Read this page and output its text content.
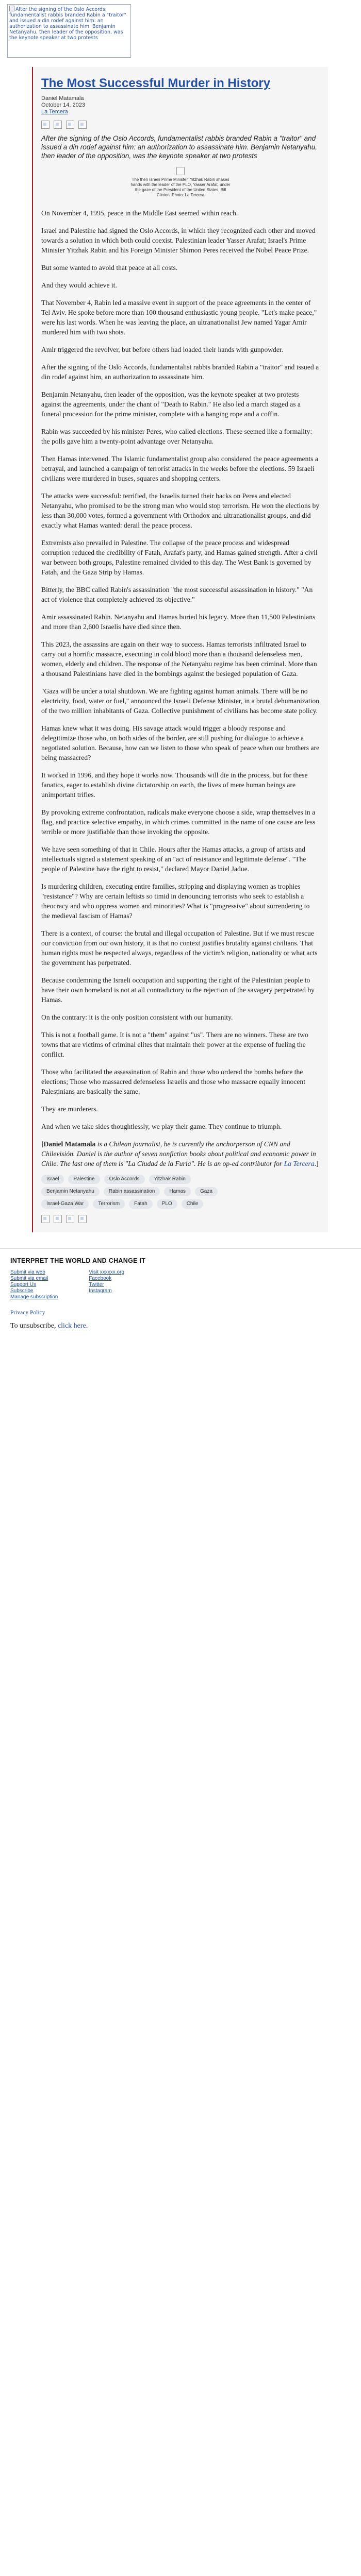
After the signing of the Oslo Accords, fundamentalist rabbis branded Rabin a "traitor" and issued a din rodef against him: an authorization to assassinate him. Benjamin Netanyahu, then leader of the opposition, was the keynote speaker at two protests
The Most Successful Murder in History
Daniel Matamala
October 14, 2023
La Tercera

After the signing of the Oslo Accords, fundamentalist rabbis branded Rabin a "traitor" and issued a din rodef against him: an authorization to assassinate him. Benjamin Netanyahu, then leader of the opposition, was the keynote speaker at two protests

The then Israeli Prime Minister, Yitzhak Rabin shakes hands with the leader of the PLO, Yasser Arafat, under the gaze of the President of the United States, Bill Clinton. Photo: La Tercera

On November 4, 1995, peace in the Middle East seemed within reach.

Israel and Palestine had signed the Oslo Accords, in which they recognized each other and moved towards a solution in which both could coexist. Palestinian leader Yasser Arafat; Israel's Prime Minister Yitzhak Rabin and his Foreign Minister Shimon Peres received the Nobel Peace Prize.

But some wanted to avoid that peace at all costs.

And they would achieve it.

That November 4, Rabin led a massive event in support of the peace agreements in the center of Tel Aviv. He spoke before more than 100 thousand enthusiastic young people. "Let's make peace," were his last words. When he was leaving the place, an ultranationalist Jew named Yagar Amir murdered him with two shots.

Amir triggered the revolver, but before others had loaded their hands with gunpowder.

After the signing of the Oslo Accords, fundamentalist rabbis branded Rabin a "traitor" and issued a din rodef against him, an authorization to assassinate him.

Benjamin Netanyahu, then leader of the opposition, was the keynote speaker at two protests against the agreements, under the chant of "Death to Rabin." He also led a march staged as a funeral procession for the prime minister, complete with a hanging rope and a coffin.

Rabin was succeeded by his minister Peres, who called elections. These seemed like a formality: the polls gave him a twenty-point advantage over Netanyahu.

Then Hamas intervened. The Islamic fundamentalist group also considered the peace agreements a betrayal, and launched a campaign of terrorist attacks in the weeks before the elections. 59 Israeli civilians were murdered in buses, squares and shopping centers.

The attacks were successful: terrified, the Israelis turned their backs on Peres and elected Netanyahu, who promised to be the strong man who would stop terrorism. He won the elections by less than 30,000 votes, formed a government with Orthodox and ultranationalist groups, and did exactly what Hamas wanted: derail the peace process.

Extremists also prevailed in Palestine. The collapse of the peace process and widespread corruption reduced the credibility of Fatah, Arafat's party, and Hamas gained strength. After a civil war between both groups, Palestine remained divided to this day. The West Bank is governed by Fatah, and the Gaza Strip by Hamas.

Bitterly, the BBC called Rabin's assassination "the most successful assassination in history." "An act of violence that completely achieved its objective."

Amir assassinated Rabin. Netanyahu and Hamas buried his legacy. More than 11,500 Palestinians and more than 2,600 Israelis have died since then.

This 2023, the assassins are again on their way to success. Hamas terrorists infiltrated Israel to carry out a horrific massacre, executing in cold blood more than a thousand defenseless men, women, elderly and children. The response of the Netanyahu regime has been criminal. More than a thousand Palestinians have died in the bombings against the besieged population of Gaza.

"Gaza will be under a total shutdown. We are fighting against human animals. There will be no electricity, food, water or fuel," announced the Israeli Defense Minister, in a brutal dehumanization of the two million inhabitants of Gaza. Collective punishment of civilians has become state policy.

Hamas knew what it was doing. His savage attack would trigger a bloody response and delegitimize those who, on both sides of the border, are still pushing for dialogue to achieve a negotiated solution. Because, how can we listen to those who speak of peace when our brothers are being massacred?

It worked in 1996, and they hope it works now. Thousands will die in the process, but for these fanatics, eager to establish divine dictatorship on earth, the lives of mere human beings are unimportant trifles.

By provoking extreme confrontation, radicals make everyone choose a side, wrap themselves in a flag, and practice selective empathy, in which crimes committed in the name of one cause are less terrible or more justifiable than those invoking the opposite.

We have seen something of that in Chile. Hours after the Hamas attacks, a group of artists and intellectuals signed a statement speaking of an "act of resistance and legitimate defense". "The people of Palestine have the right to resist," declared Mayor Daniel Jadue.

Is murdering children, executing entire families, stripping and displaying women as trophies "resistance"? Why are certain leftists so timid in denouncing terrorists who seek to establish a theocracy and who oppress women and minorities? What is "progressive" about surrendering to the medieval fascism of Hamas?

There is a context, of course: the brutal and illegal occupation of Palestine. But if we must rescue our conviction from our own history, it is that no context justifies brutality against civilians. That human rights must be respected always, regardless of the victim's religion, nationality or what acts the government has perpetrated.

Because condemning the Israeli occupation and supporting the right of the Palestinian people to have their own homeland is not at all contradictory to the rejection of the savagery perpetrated by Hamas.

On the contrary: it is the only position consistent with our humanity.

This is not a football game. It is not a "them" against "us". There are no winners. These are two towns that are victims of criminal elites that maintain their power at the expense of fueling the conflict.

Those who facilitated the assassination of Rabin and those who ordered the bombs before the elections; Those who massacred defenseless Israelis and those who massacre equally innocent Palestinians are basically the same.

They are murderers.

And when we take sides thoughtlessly, we play their game. They continue to triumph.

[Daniel Matamala is a Chilean journalist, he is currently the anchorperson of CNN and Chilevisión. Daniel is the author of seven nonfiction books about political and economic power in Chile. The last one of them is "La Ciudad de la Furia". He is an op-ed contributor for La Tercera.]

Israel	Palestine	Oslo Accords	Yitzhak Rabin
Benjamin Netanyahu	Rabin assassination	Hamas	Gaza
Israel-Gaza War	Terrorism	Fatah	PLO	Chile
INTERPRET THE WORLD AND CHANGE IT
Submit via web
Submit via email
Support Us
Subscribe
Manage subscription
Visit xxxxxx.org
Facebook
Twitter
Instagram
Privacy Policy
To unsubscribe, click here.
